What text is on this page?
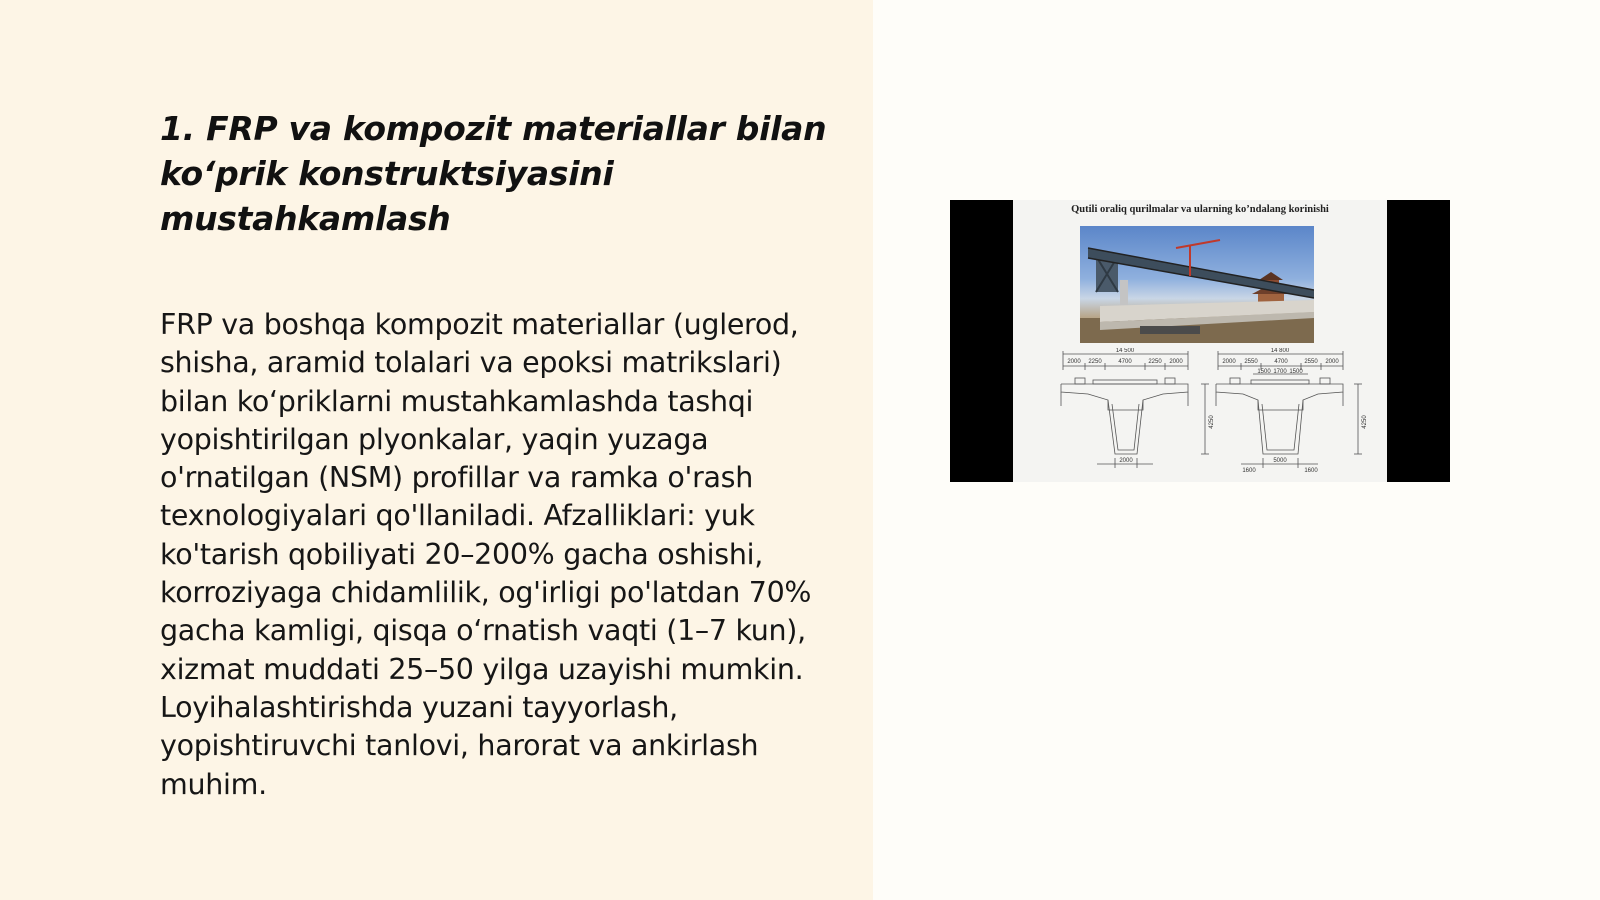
1. FRP va kompozit materiallar bilan ko‘prik konstruktsiyasini mustahkamlash

FRP va boshqa kompozit materiallar (uglerod, shisha, aramid tolalari va epoksi matrikslari) bilan ko‘priklarni mustahkamlashda tashqi yopishtirilgan plyonkalar, yaqin yuzaga o'rnatilgan (NSM) profillar va ramka o'rash texnologiyalari qo'llaniladi. Afzalliklari: yuk ko'tarish qobiliyati 20–200% gacha oshishi, korroziyaga chidamlilik, og'irligi po'latdan 70% gacha kamligi, qisqa o‘rnatish vaqti (1–7 kun), xizmat muddati 25–50 yilga uzayishi mumkin. Loyihalashtirishda yuzani tayyorlash, yopishtiruvchi tanlovi, harorat va ankirlash muhim.

Qutili oraliq qurilmalar va ularning ko’ndalang korinishi
14 500
2000 2250	4700	2250 2000
4250
2000
14 800
2000 2550	4700	2550 2000
1500 1700 1500
4250
5000
1600	1600
